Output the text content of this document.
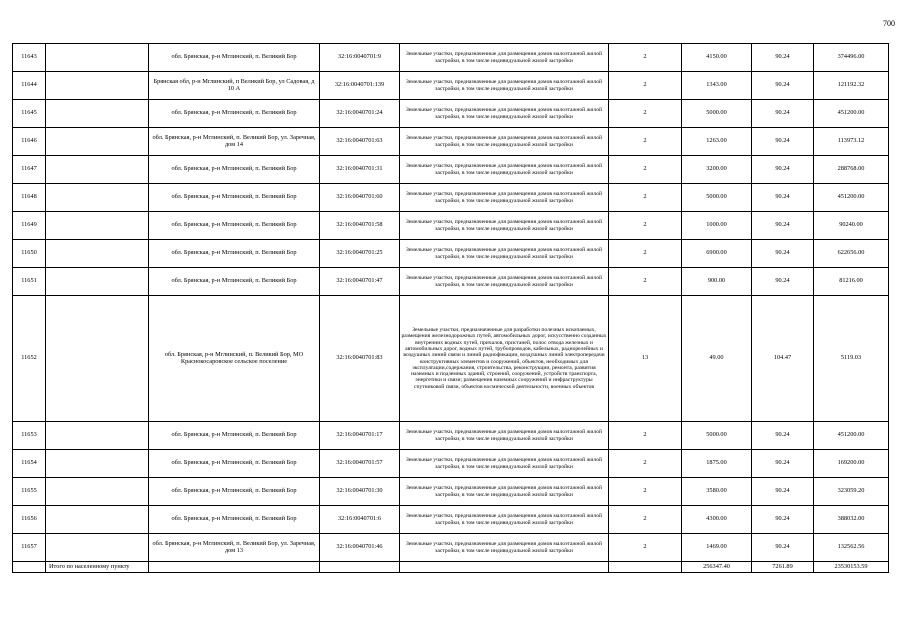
700
11643		обл. Брянская, р-н Мглинский, п. Великий Бор	32:16:0040701:9	Земельные участки, предназначенные для размещения домов малоэтажной жилой застройки, в том числе индивидуальной жилой застройки	2	4150.00	90.24	374496.00
11644		Брянская обл, р-н Мглинский, п Великий Бор, ул Садовая, д 10 А	32:16:0040701:139	Земельные участки, предназначенные для размещения домов малоэтажной жилой застройки, в том числе индивидуальной жилой застройки	2	1343.00	90.24	121192.32
11645		обл. Брянская, р-н Мглинский, п. Великий Бор	32:16:0040701:24	Земельные участки, предназначенные для размещения домов малоэтажной жилой застройки, в том числе индивидуальной жилой застройки	2	5000.00	90.24	451200.00
11646		обл. Брянская, р-н Мглинский, п. Великий Бор, ул. Заречная, дом 14	32:16:0040701:63	Земельные участки, предназначенные для размещения домов малоэтажной жилой застройки, в том числе индивидуальной жилой застройки	2	1263.00	90.24	113973.12
11647		обл. Брянская, р-н Мглинский, п. Великий Бор	32:16:0040701:31	Земельные участки, предназначенные для размещения домов малоэтажной жилой застройки, в том числе индивидуальной жилой застройки	2	3200.00	90.24	288768.00
11648		обл. Брянская, р-н Мглинский, п. Великий Бор	32:16:0040701:60	Земельные участки, предназначенные для размещения домов малоэтажной жилой застройки, в том числе индивидуальной жилой застройки	2	5000.00	90.24	451200.00
11649		обл. Брянская, р-н Мглинский, п. Великий Бор	32:16:0040701:58	Земельные участки, предназначенные для размещения домов малоэтажной жилой застройки, в том числе индивидуальной жилой застройки	2	1000.00	90.24	90240.00
11650		обл. Брянская, р-н Мглинский, п. Великий Бор	32:16:0040701:25	Земельные участки, предназначенные для размещения домов малоэтажной жилой застройки, в том числе индивидуальной жилой застройки	2	6900.00	90.24	622656.00
11651		обл. Брянская, р-н Мглинский, п. Великий Бор	32:16:0040701:47	Земельные участки, предназначенные для размещения домов малоэтажной жилой застройки, в том числе индивидуальной жилой застройки	2	900.00	90.24	81216.00
11652		обл. Брянская, р-н Мглинский, п. Великий Бор, МО Краснокосаровское сельское поселение	32:16:0040701:83	Земельные участки, предназначенные для разработки полезных ископаемых, размещения железнодорожных путей, автомобильных дорог, искусственно созданных внутренних водных путей, причалов, пристаней, полос отвода железных и автомобильных дорог, водных путей, трубопроводов, кабельных, радиорелейных и воздушных линий связи и линий радиофикации, воздушных линий электропередачи конструктивных элементов и сооружений, объектов, необходимых для эксплуатации,содержания, строительства, реконструкции, ремонта, развития наземных и подземных зданий, строений, сооружений, устройств транспорта, энергетики и связи; размещения наземных сооружений и инфраструктуры спутниковой связи, объектов космической деятельности, военных объектов	13	49.00	104.47	5119.03
11653		обл. Брянская, р-н Мглинский, п. Великий Бор	32:16:0040701:17	Земельные участки, предназначенные для размещения домов малоэтажной жилой застройки, в том числе индивидуальной жилой застройки	2	5000.00	90.24	451200.00
11654		обл. Брянская, р-н Мглинский, п. Великий Бор	32:16:0040701:57	Земельные участки, предназначенные для размещения домов малоэтажной жилой застройки, в том числе индивидуальной жилой застройки	2	1875.00	90.24	169200.00
11655		обл. Брянская, р-н Мглинский, п. Великий Бор	32:16:0040701:30	Земельные участки, предназначенные для размещения домов малоэтажной жилой застройки, в том числе индивидуальной жилой застройки	2	3580.00	90.24	323059.20
11656		обл. Брянская, р-н Мглинский, п. Великий Бор	32:16:0040701:6	Земельные участки, предназначенные для размещения домов малоэтажной жилой застройки, в том числе индивидуальной жилой застройки	2	4300.00	90.24	388032.00
11657		обл. Брянская, р-н Мглинский, п. Великий Бор, ул. Заречная, дом 13	32:16:0040701:46	Земельные участки, предназначенные для размещения домов малоэтажной жилой застройки, в том числе индивидуальной жилой застройки	2	1469.00	90.24	132562.56
	Итого по населенному пункту					256347.40	7261.89	23530153.59
